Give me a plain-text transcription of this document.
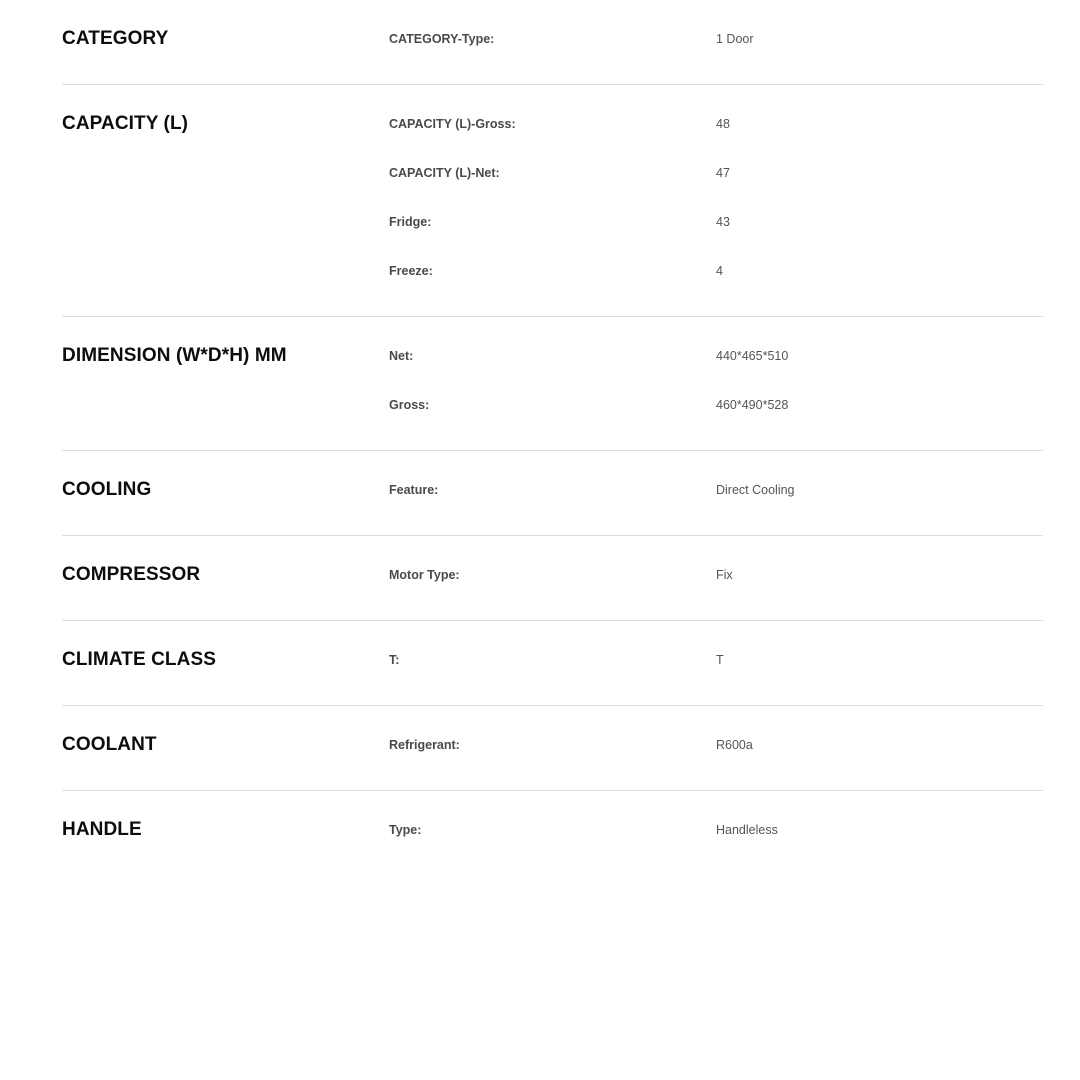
CATEGORY	CATEGORY-Type:	1 Door
CAPACITY (L)	CAPACITY (L)-Gross:	48
CAPACITY (L)-Net:	47
Fridge:	43
Freeze:	4
DIMENSION (W*D*H) MM	Net:	440*465*510
Gross:	460*490*528
COOLING	Feature:	Direct Cooling
COMPRESSOR	Motor Type:	Fix
CLIMATE CLASS	T:	T
COOLANT	Refrigerant:	R600a
HANDLE	Type:	Handleless
